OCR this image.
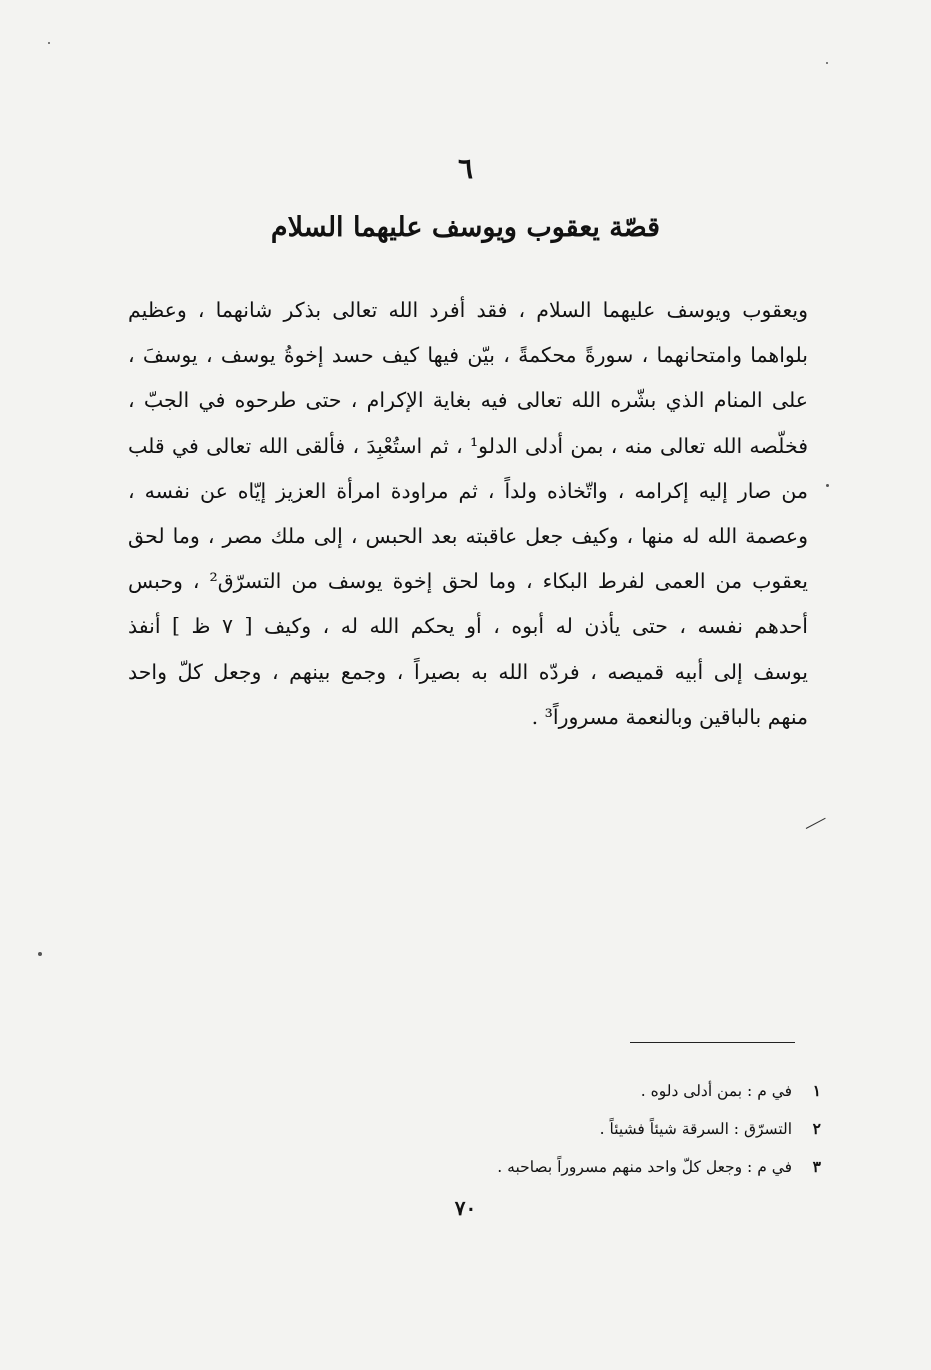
٦
قصّة يعقوب ويوسف عليهما السلام
ويعقوب ويوسف عليهما السلام ، فقد أفرد الله تعالى بذكر شانهما ، وعظيم
بلواهما وامتحانهما ، سورةً محكمةً ، بيّن فيها كيف حسد إخوةُ يوسف ، يوسفَ ،
على المنام الذي بشّره الله تعالى فيه بغاية الإكرام ، حتى طرحوه في الجبّ ،
فخلّصه الله تعالى منه ، بمن أدلى الدلو¹ ، ثم استُعْبِدَ ، فألقى الله تعالى في قلب
من صار إليه إكرامه ، واتّخاذه ولداً ، ثم مراودة امرأة العزيز إيّاه عن نفسه ،
وعصمة الله له منها ، وكيف جعل عاقبته بعد الحبس ، إلى ملك مصر ، وما لحق
يعقوب من العمى لفرط البكاء ، وما لحق إخوة يوسف من التسرّق² ، وحبس
أحدهم نفسه ، حتى يأذن له أبوه ، أو يحكم الله له ، وكيف [ ٧ ظ ] أنفذ
يوسف إلى أبيه قميصه ، فردّه الله به بصيراً ، وجمع بينهم ، وجعل كلّ واحد
منهم بالباقين وبالنعمة مسروراً³ .
١ في م : بمن أدلى دلوه .
٢ التسرّق : السرقة شيئاً فشيئاً .
٣ في م : وجعل كلّ واحد منهم مسروراً بصاحبه .
٧٠
